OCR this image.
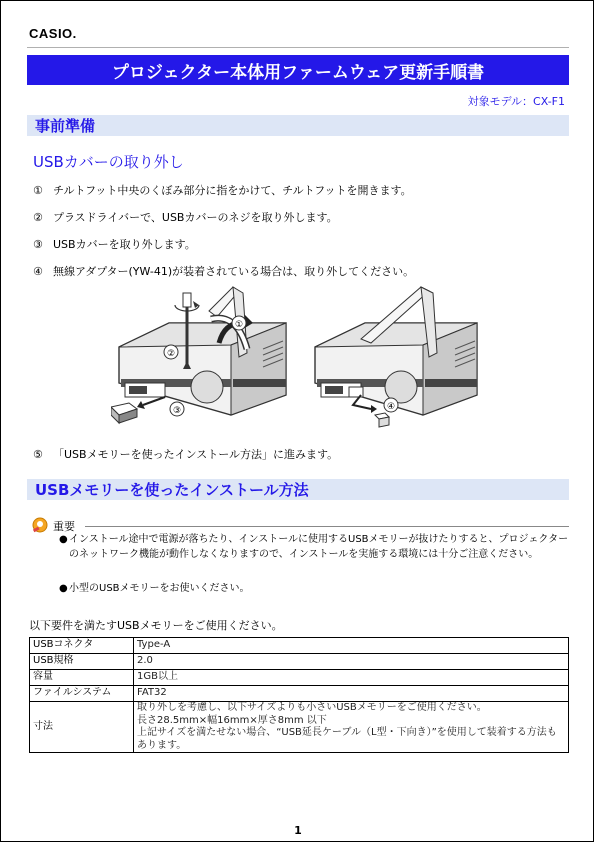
CASIO.
プロジェクター本体用ファームウェア更新手順書
対象モデル：CX-F1
事前準備
USBカバーの取り外し
① チルトフット中央のくぼみ部分に指をかけて、チルトフットを開きます。
② プラスドライバーで、USBカバーのネジを取り外します。
③ USBカバーを取り外します。
④ 無線アダプター(YW-41)が装着されている場合は、取り外してください。
①
②
③	④
⑤ 「USBメモリーを使ったインストール方法」に進みます。
USBメモリーを使ったインストール方法
重要
● インストール途中で電源が落ちたり、インストールに使用するUSBメモリーが抜けたりすると、プロジェクターのネットワーク機能が動作しなくなりますので、インストールを実施する環境には十分ご注意ください。
● 小型のUSBメモリーをお使いください。
以下要件を満たすUSBメモリーをご使用ください。
USBコネクタ	Type-A
USB規格	2.0
容量	1GB以上
ファイルシステム	FAT32
寸法	取り外しを考慮し、以下サイズよりも小さいUSBメモリーをご使用ください。
長さ28.5mm×幅16mm×厚さ8mm 以下
上記サイズを満たせない場合、“USB延長ケーブル（L型・下向き）”を使用して装着する方法もあります。
1
